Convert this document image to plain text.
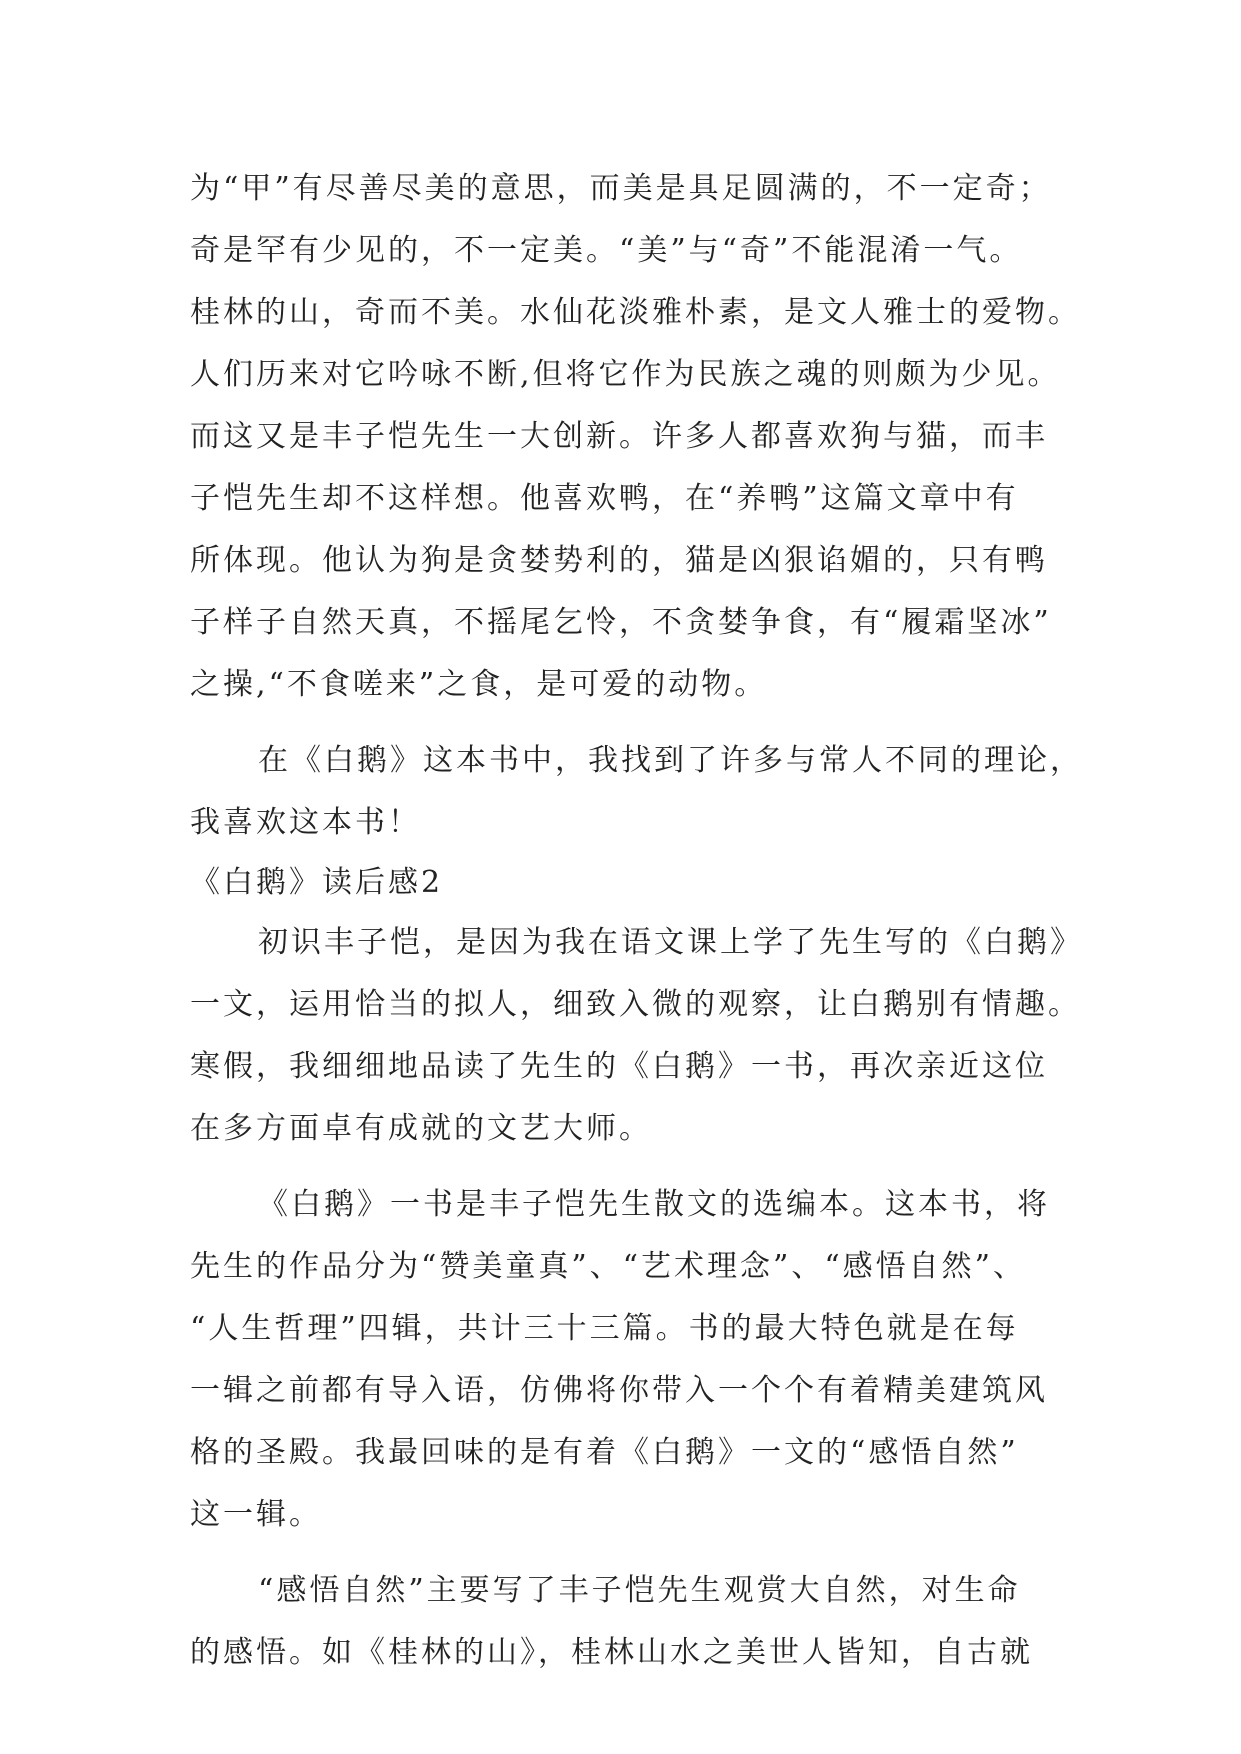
为“甲”有尽善尽美的意思，而美是具足圆满的，不一定奇；
奇是罕有少见的，不一定美。“美”与“奇”不能混淆一气。
桂林的山，奇而不美。水仙花淡雅朴素，是文人雅士的爱物。
人们历来对它吟咏不断,但将它作为民族之魂的则颇为少见。
而这又是丰子恺先生一大创新。许多人都喜欢狗与猫，而丰
子恺先生却不这样想。他喜欢鸭，在“养鸭”这篇文章中有
所体现。他认为狗是贪婪势利的，猫是凶狠谄媚的，只有鸭
子样子自然天真，不摇尾乞怜，不贪婪争食，有“履霜坚冰”
之操,“不食嗟来”之食，是可爱的动物。
在《白鹅》这本书中，我找到了许多与常人不同的理论，
我喜欢这本书！
《白鹅》读后感2
初识丰子恺，是因为我在语文课上学了先生写的《白鹅》
一文，运用恰当的拟人，细致入微的观察，让白鹅别有情趣。
寒假，我细细地品读了先生的《白鹅》一书，再次亲近这位
在多方面卓有成就的文艺大师。
《白鹅》一书是丰子恺先生散文的选编本。这本书，将
先生的作品分为“赞美童真”、“艺术理念”、“感悟自然”、
“人生哲理”四辑，共计三十三篇。书的最大特色就是在每
一辑之前都有导入语，仿佛将你带入一个个有着精美建筑风
格的圣殿。我最回味的是有着《白鹅》一文的“感悟自然”
这一辑。
“感悟自然”主要写了丰子恺先生观赏大自然，对生命
的感悟。如《桂林的山》，桂林山水之美世人皆知，自古就
